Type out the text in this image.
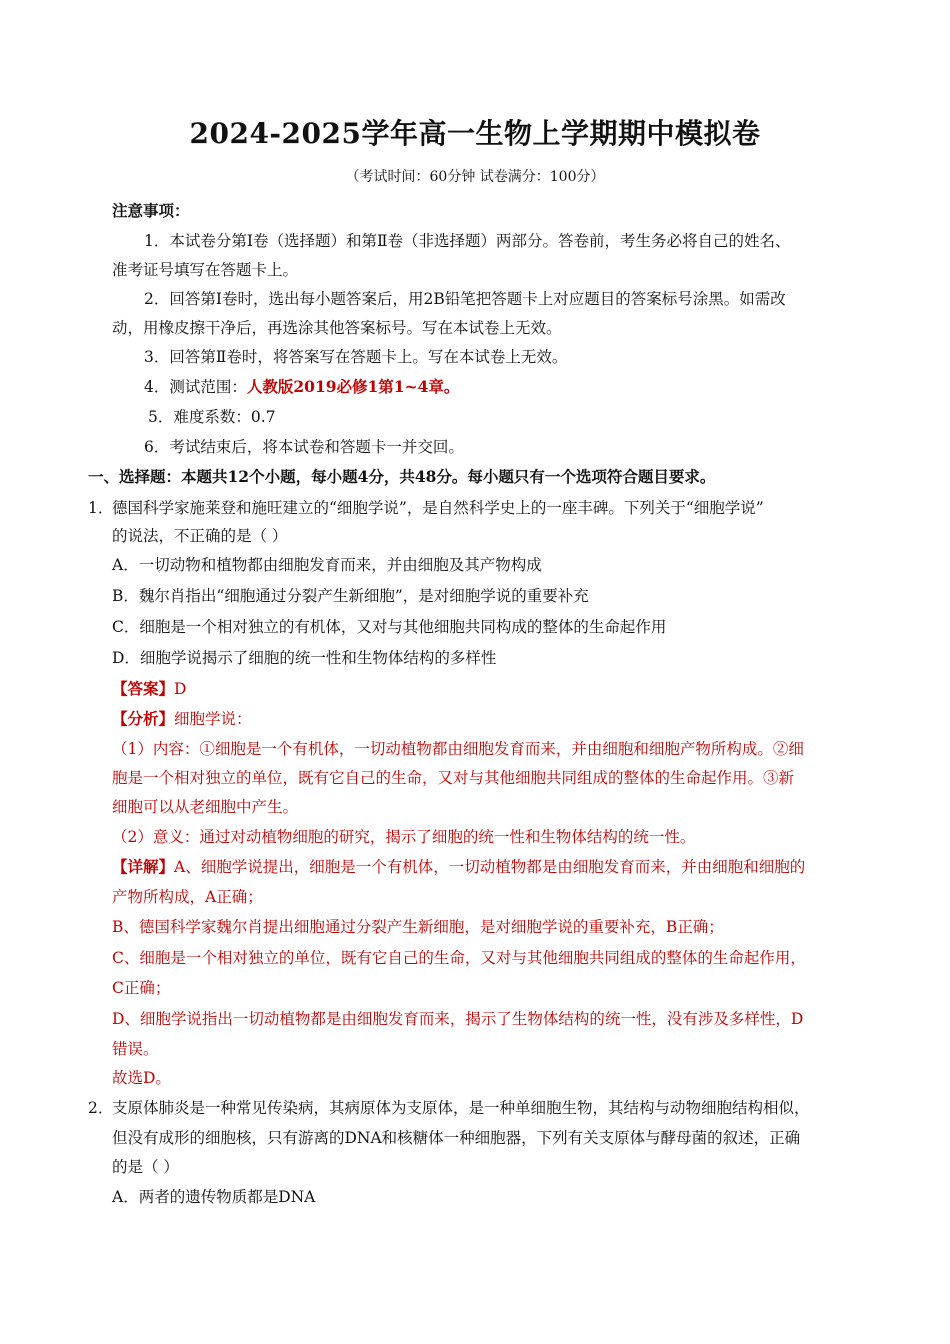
2024-2025学年高一生物上学期期中模拟卷
（考试时间：60分钟 试卷满分：100分）
注意事项：
1．本试卷分第Ⅰ卷（选择题）和第Ⅱ卷（非选择题）两部分。答卷前，考生务必将自己的姓名、
准考证号填写在答题卡上。
2．回答第Ⅰ卷时，选出每小题答案后，用2B铅笔把答题卡上对应题目的答案标号涂黑。如需改
动，用橡皮擦干净后，再选涂其他答案标号。写在本试卷上无效。
3．回答第Ⅱ卷时，将答案写在答题卡上。写在本试卷上无效。
4．测试范围：人教版2019必修1第1~4章。
5．难度系数：0.7
6．考试结束后，将本试卷和答题卡一并交回。
一、选择题：本题共12个小题，每小题4分，共48分。每小题只有一个选项符合题目要求。
1．
德国科学家施莱登和施旺建立的“细胞学说”，是自然科学史上的一座丰碑。下列关于“细胞学说”
的说法，不正确的是（ ）
A．一切动物和植物都由细胞发育而来，并由细胞及其产物构成
B．魏尔肖指出“细胞通过分裂产生新细胞”，是对细胞学说的重要补充
C．细胞是一个相对独立的有机体，又对与其他细胞共同构成的整体的生命起作用
D．细胞学说揭示了细胞的统一性和生物体结构的多样性
【答案】D
【分析】细胞学说：
（1）内容：①细胞是一个有机体，一切动植物都由细胞发育而来，并由细胞和细胞产物所构成。②细
胞是一个相对独立的单位，既有它自己的生命，又对与其他细胞共同组成的整体的生命起作用。③新
细胞可以从老细胞中产生。
（2）意义：通过对动植物细胞的研究，揭示了细胞的统一性和生物体结构的统一性。
【详解】A、细胞学说提出，细胞是一个有机体，一切动植物都是由细胞发育而来，并由细胞和细胞的
产物所构成，A正确；
B、德国科学家魏尔肖提出细胞通过分裂产生新细胞，是对细胞学说的重要补充，B正确；
C、细胞是一个相对独立的单位，既有它自己的生命，又对与其他细胞共同组成的整体的生命起作用，
C正确；
D、细胞学说指出一切动植物都是由细胞发育而来，揭示了生物体结构的统一性，没有涉及多样性，D
错误。
故选D。
2．
支原体肺炎是一种常见传染病，其病原体为支原体，是一种单细胞生物，其结构与动物细胞结构相似，
但没有成形的细胞核，只有游离的DNA和核糖体一种细胞器，下列有关支原体与酵母菌的叙述，正确
的是（ ）
A．两者的遗传物质都是DNA
